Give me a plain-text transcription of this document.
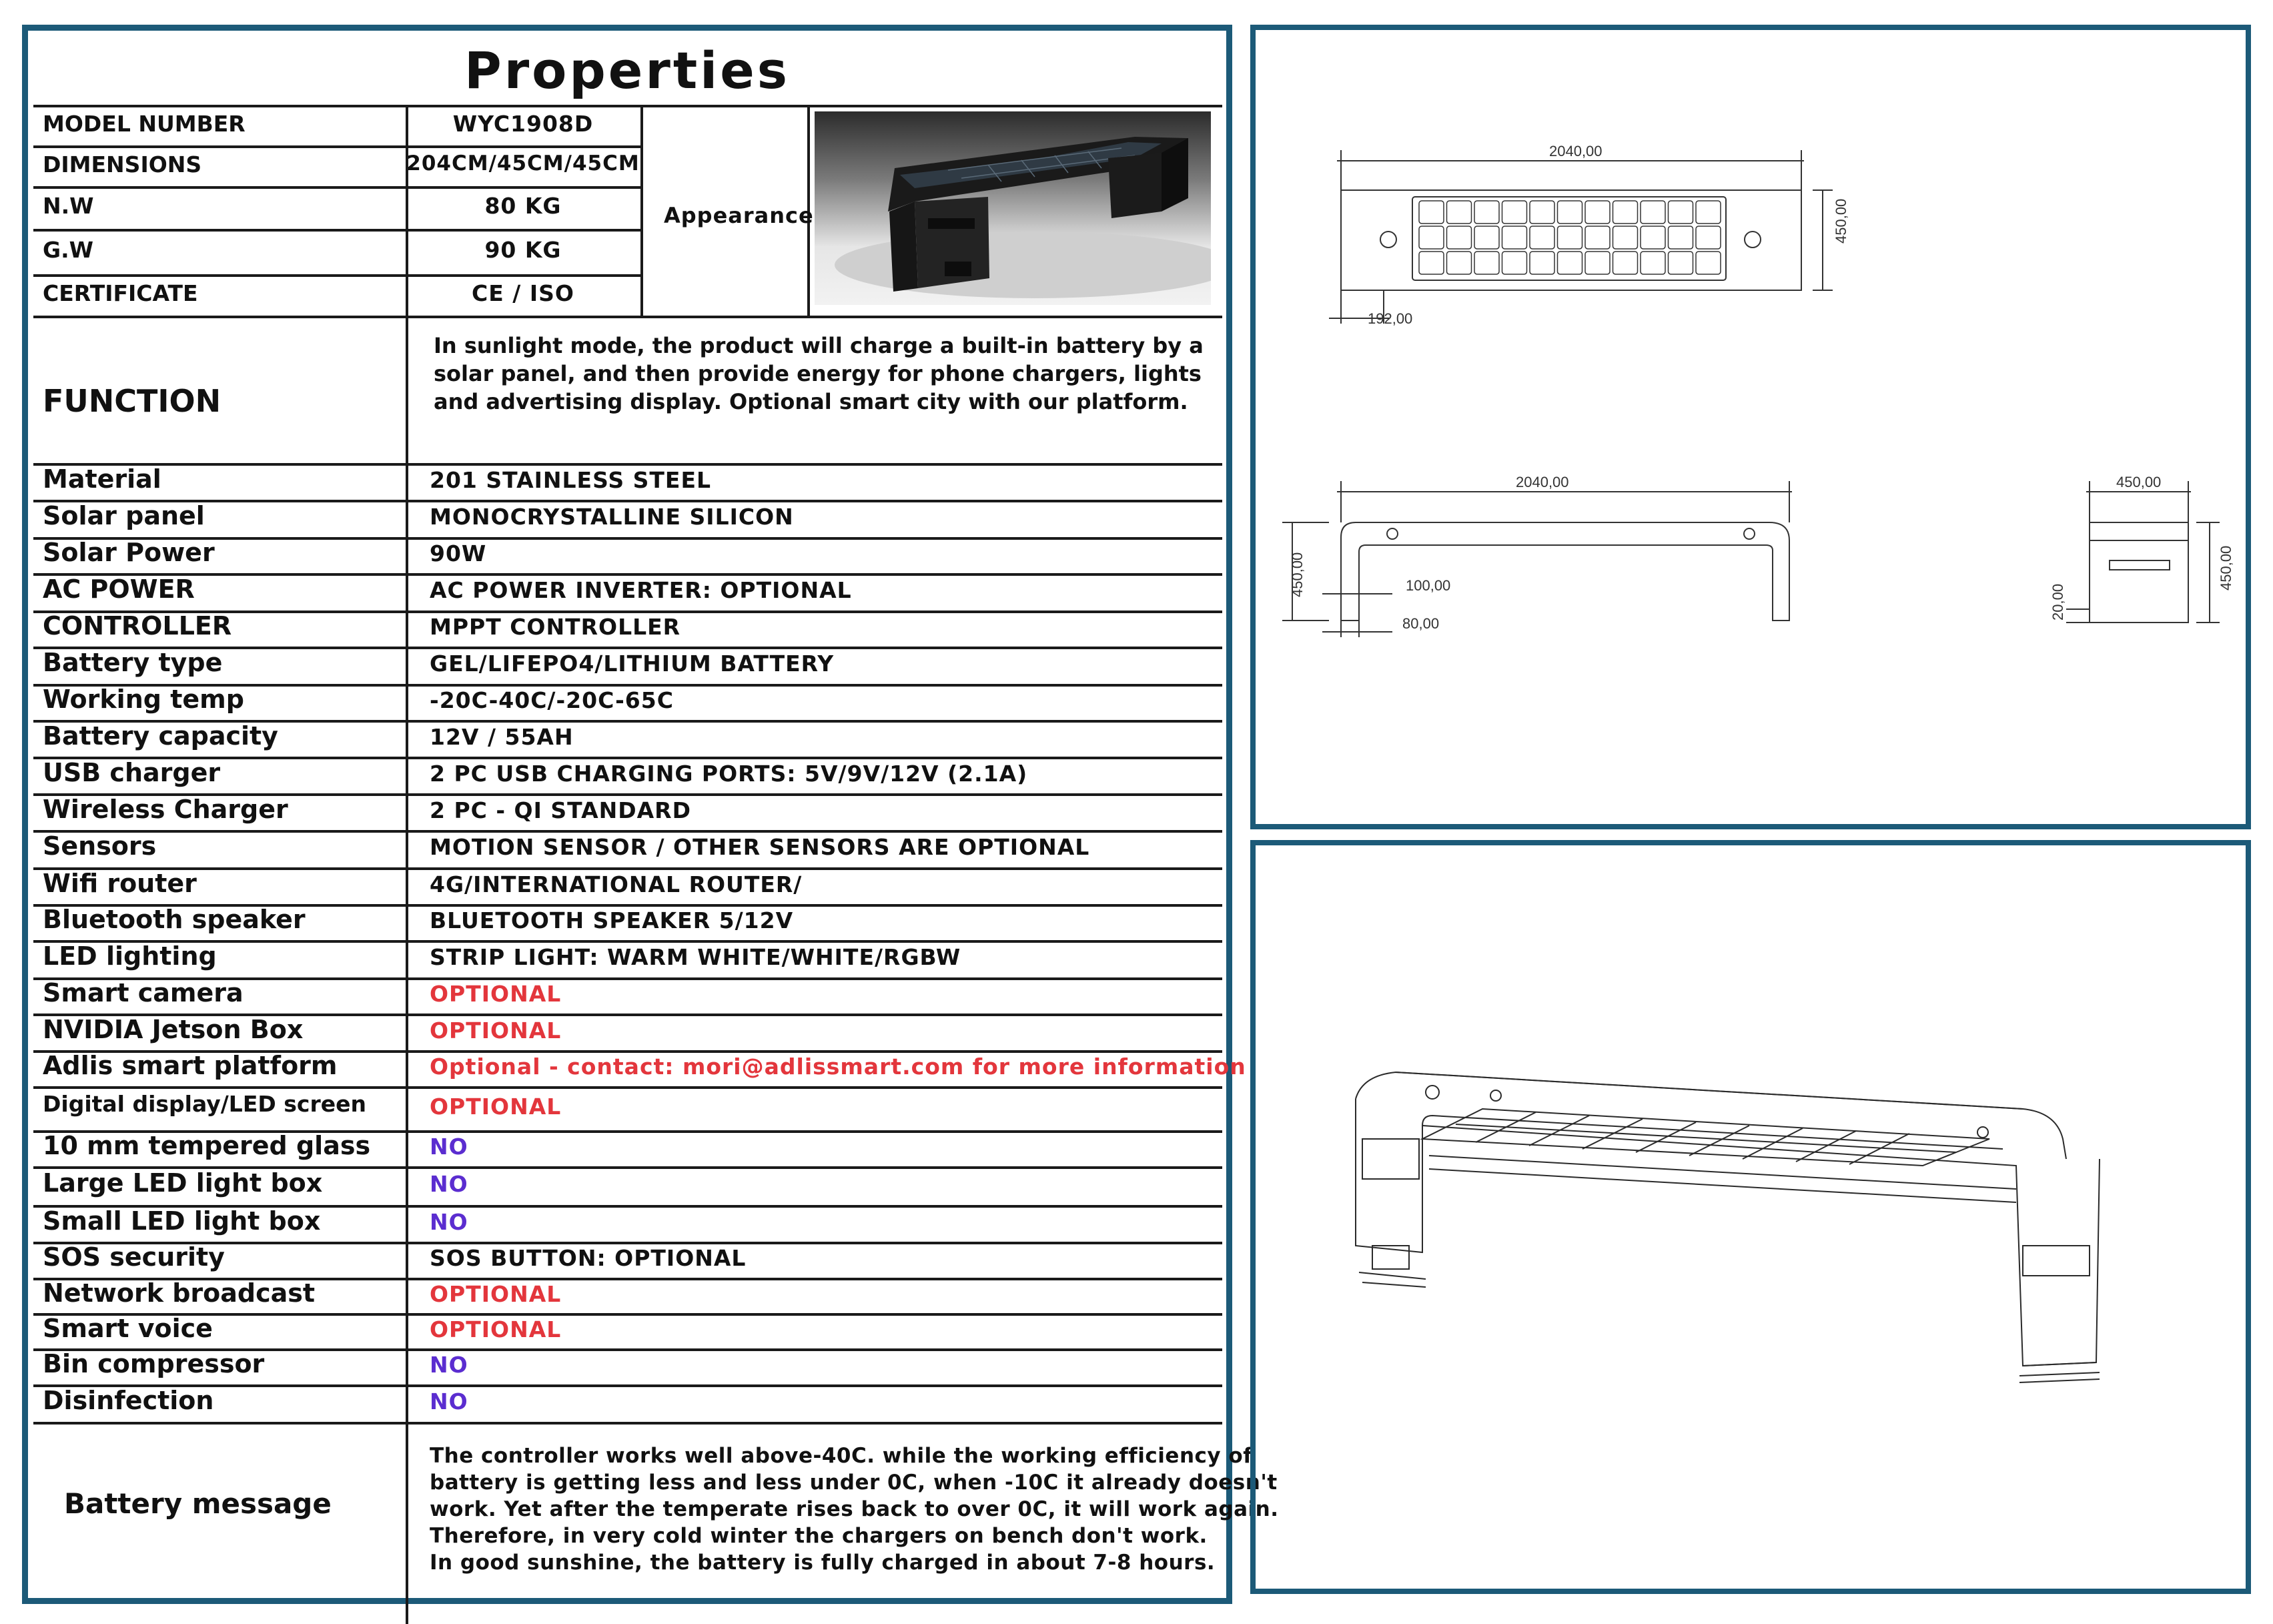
Properties
MODEL NUMBER	WYC1908D
DIMENSIONS	204CM/45CM/45CM
N.W	80 KG
G.W	90 KG
CERTIFICATE	CE / ISO
Material	201 STAINLESS STEEL
Solar panel	MONOCRYSTALLINE SILICON
Solar Power	90W
AC POWER	AC POWER INVERTER: OPTIONAL
CONTROLLER	MPPT CONTROLLER
Battery type	GEL/LIFEPO4/LITHIUM BATTERY
Working temp	-20C-40C/-20C-65C
Battery capacity	12V / 55AH
USB charger	2 PC USB CHARGING PORTS: 5V/9V/12V (2.1A)
Wireless Charger	2 PC - QI STANDARD
Sensors	MOTION SENSOR / OTHER SENSORS ARE OPTIONAL
Wifi router	4G/INTERNATIONAL ROUTER/
Bluetooth speaker	BLUETOOTH SPEAKER 5/12V
LED lighting	STRIP LIGHT: WARM WHITE/WHITE/RGBW
Smart camera	OPTIONAL
NVIDIA Jetson Box	OPTIONAL
Adlis smart platform	Optional - contact: mori@adlissmart.com for more information
Digital display/LED screen	OPTIONAL
10 mm tempered glass	NO
Large LED light box	NO
Small LED light box	NO
SOS security	SOS BUTTON: OPTIONAL
Network broadcast	OPTIONAL
Smart voice	OPTIONAL
Bin compressor	NO
Disinfection	NO
Appearance
FUNCTION
In sunlight mode, the product will charge a built-in battery by a solar panel, and then provide energy for phone chargers, lights and advertising display. Optional smart city with our platform.
Battery message
The controller works well above-40C. while the working efficiency of
battery is getting less and less under 0C, when -10C it already doesn't
work. Yet after the temperate rises back to over 0C, it will work again.
Therefore, in very cold winter the chargers on bench don't work.
In good sunshine, the battery is fully charged in about 7-8 hours.
2040,00
450,00
192,00
2040,00
450,00	100,00
80,00
450,00
450,00
20,00
